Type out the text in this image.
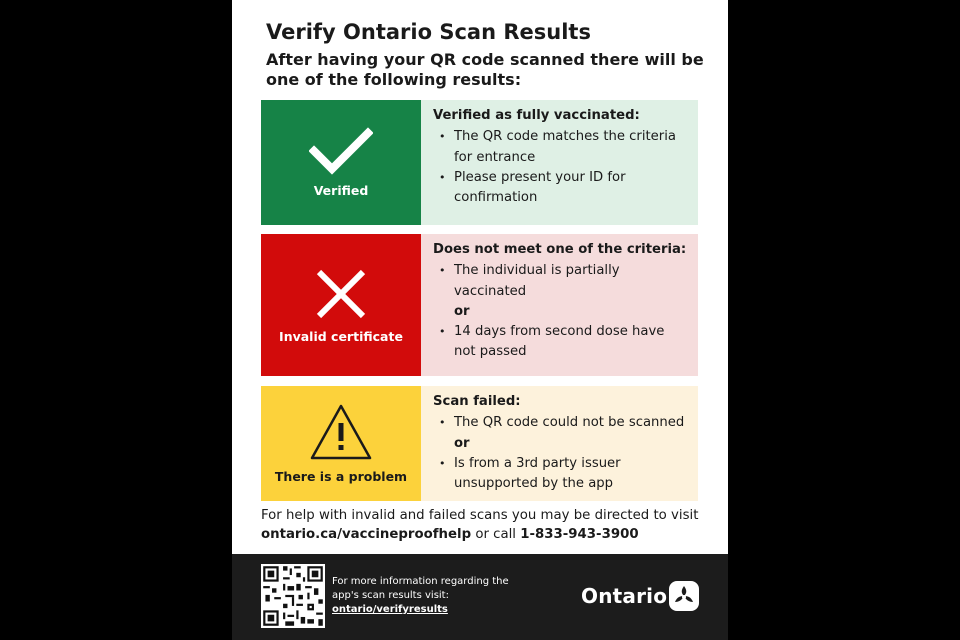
Verify Ontario Scan Results
After having your QR code scanned there will be one of the following results:
Verified
Verified as fully vaccinated:
• The QR code matches the criteria for entrance
• Please present your ID for confirmation
Invalid certificate
Does not meet one of the criteria:
• The individual is partially vaccinated
or
• 14 days from second dose have not passed
There is a problem
Scan failed:
• The QR code could not be scanned
or
• Is from a 3rd party issuer unsupported by the app
For help with invalid and failed scans you may be directed to visit
ontario.ca/vaccineproofhelp or call 1-833-943-3900
For more information regarding the app's scan results visit:
ontario/verifyresults
Ontario
